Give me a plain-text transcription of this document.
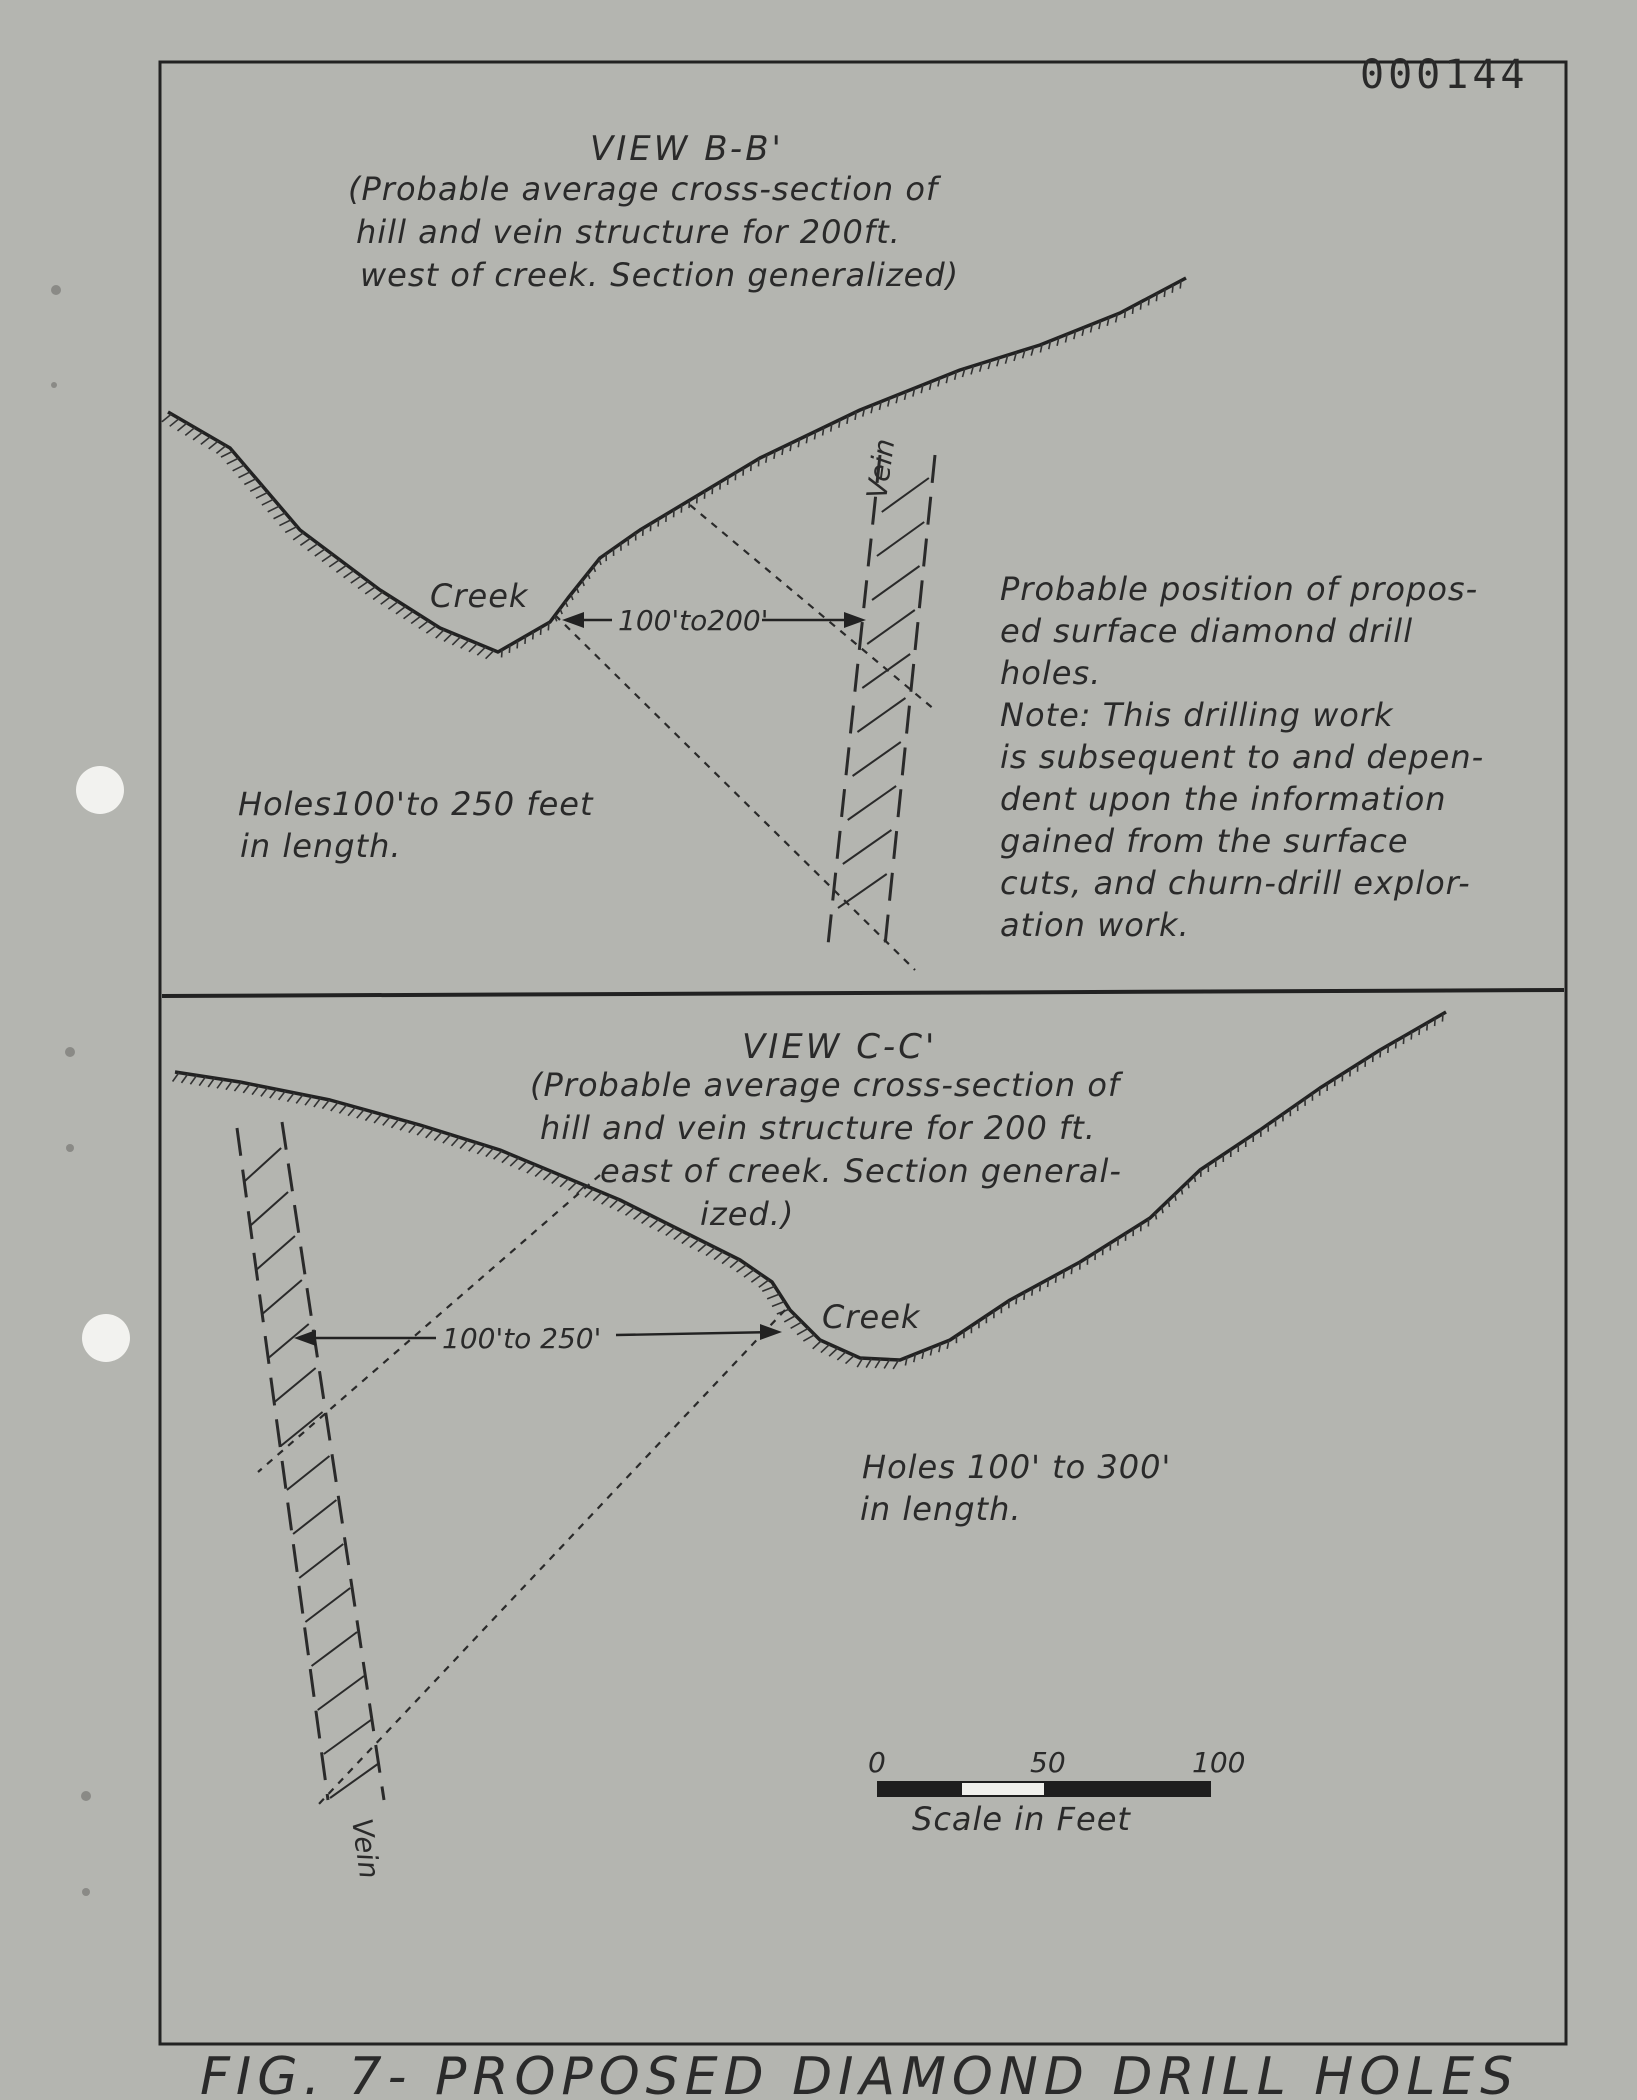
000144
VIEW B-B'
(Probable average cross-section of
hill and vein structure for 200ft.
west of creek. Section generalized)
Vein
Creek
100'to200'
Holes100'to 250 feet
in length.
Probable position of propos-
ed surface diamond drill
holes.
Note: This drilling work
is subsequent to and depen-
dent upon the information
gained from the surface
cuts, and churn-drill explor-
ation work.
VIEW C-C'
(Probable average cross-section of
hill and vein structure for 200 ft.
east of creek. Section general-
ized.)
Vein
Creek
100'to 250'
Holes 100' to 300'
in length.
0	50	100
Scale in Feet
FIG. 7- PROPOSED DIAMOND DRILL HOLES
